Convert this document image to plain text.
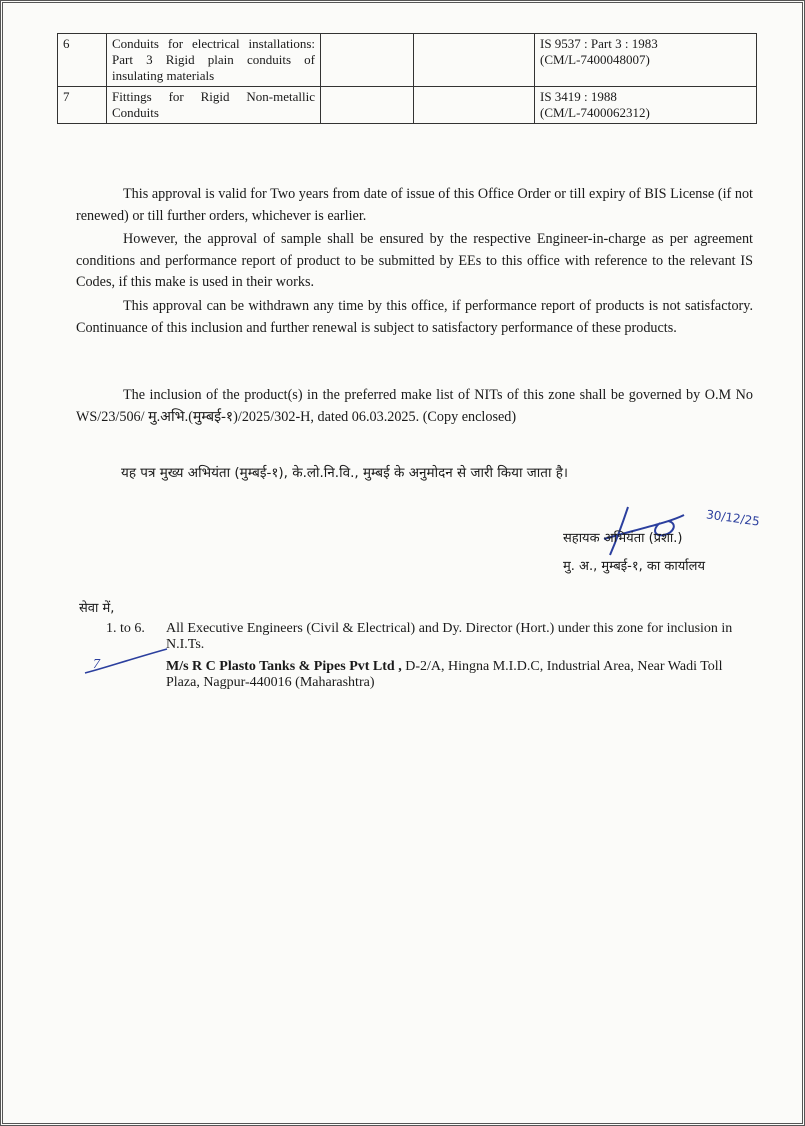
6	Conduits for electrical installations: Part 3 Rigid plain conduits of insulating materials			IS 9537 : Part 3 : 1983
(CM/L-7400048007)

7	Fittings for Rigid Non-metallic Conduits			IS 3419 : 1988
(CM/L-7400062312)

This approval is valid for Two years from date of issue of this Office Order or till expiry of BIS License (if not renewed) or till further orders, whichever is earlier.

However, the approval of sample shall be ensured by the respective Engineer-in-charge as per agreement conditions and performance report of product to be submitted by EEs to this office with reference to the relevant IS Codes, if this make is used in their works.

This approval can be withdrawn any time by this office, if performance report of products is not satisfactory. Continuance of this inclusion and further renewal is subject to satisfactory performance of these products.

The inclusion of the product(s) in the preferred make list of NITs of this zone shall be governed by O.M No WS/23/506/ मु.अभि.(मुम्बई-१)/2025/302-H, dated 06.03.2025. (Copy enclosed)

यह पत्र मुख्य अभियंता (मुम्बई-१), के.लो.नि.वि., मुम्बई के अनुमोदन से जारी किया जाता है।
30/12/25
सहायक अभियंता (प्रशा.)
मु. अ., मुम्बई-१, का कार्यालय
सेवा में,
1. to 6. All Executive Engineers (Civil & Electrical) and Dy. Director (Hort.) under this zone for inclusion in N.I.Ts.
7	M/s R C Plasto Tanks & Pipes Pvt Ltd , D-2/A, Hingna M.I.D.C, Industrial Area, Near Wadi Toll Plaza, Nagpur-440016 (Maharashtra)
